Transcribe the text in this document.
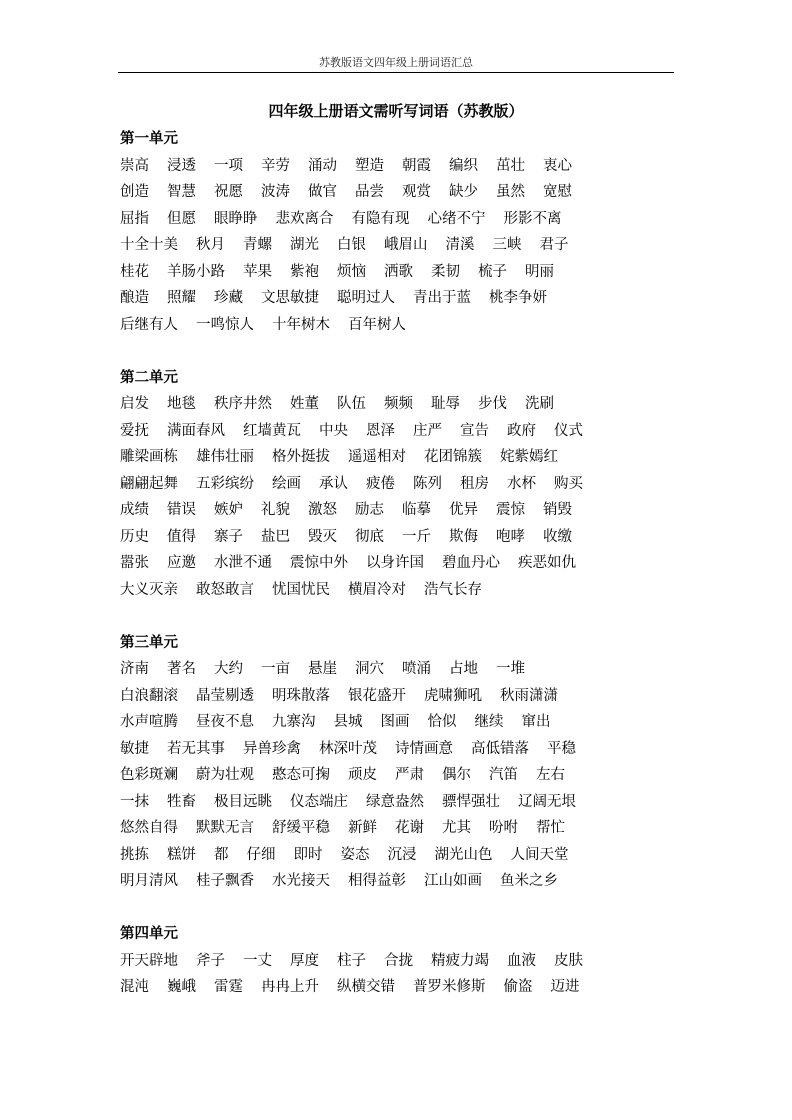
苏教版语文四年级上册词语汇总
四年级上册语文需听写词语（苏教版）
第一单元
崇高 浸透 一项 辛劳 涌动 塑造 朝霞 编织 茁壮 衷心
创造 智慧 祝愿 波涛 做官 品尝 观赏 缺少 虽然 宽慰
屈指 但愿 眼睁睁 悲欢离合 有隐有现 心绪不宁 形影不离
十全十美 秋月 青螺 湖光 白银 峨眉山 清溪 三峡 君子
桂花 羊肠小路 苹果 紫袍 烦恼 洒歌 柔韧 梳子 明丽
酿造 照耀 珍藏 文思敏捷 聪明过人 青出于蓝 桃李争妍
后继有人 一鸣惊人 十年树木 百年树人
第二单元
启发 地毯 秩序井然 姓董 队伍 频频 耻辱 步伐 洗刷
爱抚 满面春风 红墙黄瓦 中央 恩泽 庄严 宣告 政府 仪式
雕梁画栋 雄伟壮丽 格外挺拔 遥遥相对 花团锦簇 姹紫嫣红
翩翩起舞 五彩缤纷 绘画 承认 疲倦 陈列 租房 水杯 购买
成绩 错误 嫉妒 礼貌 激怒 励志 临摹 优异 震惊 销毁
历史 值得 寨子 盐巴 毁灭 彻底 一斤 欺侮 咆哮 收缴
嚣张 应邀 水泄不通 震惊中外 以身许国 碧血丹心 疾恶如仇
大义灭亲 敢怒敢言 忧国忧民 横眉冷对 浩气长存
第三单元
济南 著名 大约 一亩 悬崖 洞穴 喷涌 占地 一堆
白浪翻滚 晶莹剔透 明珠散落 银花盛开 虎啸狮吼 秋雨潇潇
水声喧腾 昼夜不息 九寨沟 县城 图画 恰似 继续 窜出
敏捷 若无其事 异兽珍禽 林深叶茂 诗情画意 高低错落 平稳
色彩斑斓 蔚为壮观 憨态可掬 顽皮 严肃 偶尔 汽笛 左右
一抹 牲畜 极目远眺 仪态端庄 绿意盎然 骠悍强壮 辽阔无垠
悠然自得 默默无言 舒缓平稳 新鲜 花谢 尤其 吩咐 帮忙
挑拣 糕饼 都 仔细 即时 姿态 沉浸 湖光山色 人间天堂
明月清风 桂子飘香 水光接天 相得益彰 江山如画 鱼米之乡
第四单元
开天辟地 斧子 一丈 厚度 柱子 合拢 精疲力竭 血液 皮肤
混沌 巍峨 雷霆 冉冉上升 纵横交错 普罗米修斯 偷盗 迈进
